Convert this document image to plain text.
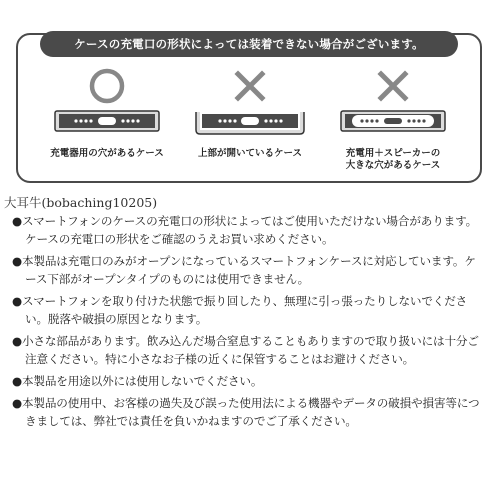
ケースの充電口の形状によっては装着できない場合がございます。
充電器用の穴があるケース	上部が開いているケース	充電用＋スピーカーの
大きな穴があるケース
大耳牛(bobaching10205)

●スマートフォンのケースの充電口の形状によってはご使用いただけない場合があります。ケースの充電口の形状をご確認のうえお買い求めください。

●本製品は充電口のみがオープンになっているスマートフォンケースに対応しています。ケース下部がオープンタイプのものには使用できません。

●スマートフォンを取り付けた状態で振り回したり、無理に引っ張ったりしないでください。脱落や破損の原因となります。

●小さな部品があります。飲み込んだ場合窒息することもありますので取り扱いには十分ご注意ください。特に小さなお子様の近くに保管することはお避けください。

●本製品を用途以外には使用しないでください。

●本製品の使用中、お客様の過失及び誤った使用法による機器やデータの破損や損害等につきましては、弊社では責任を負いかねますのでご了承ください。
